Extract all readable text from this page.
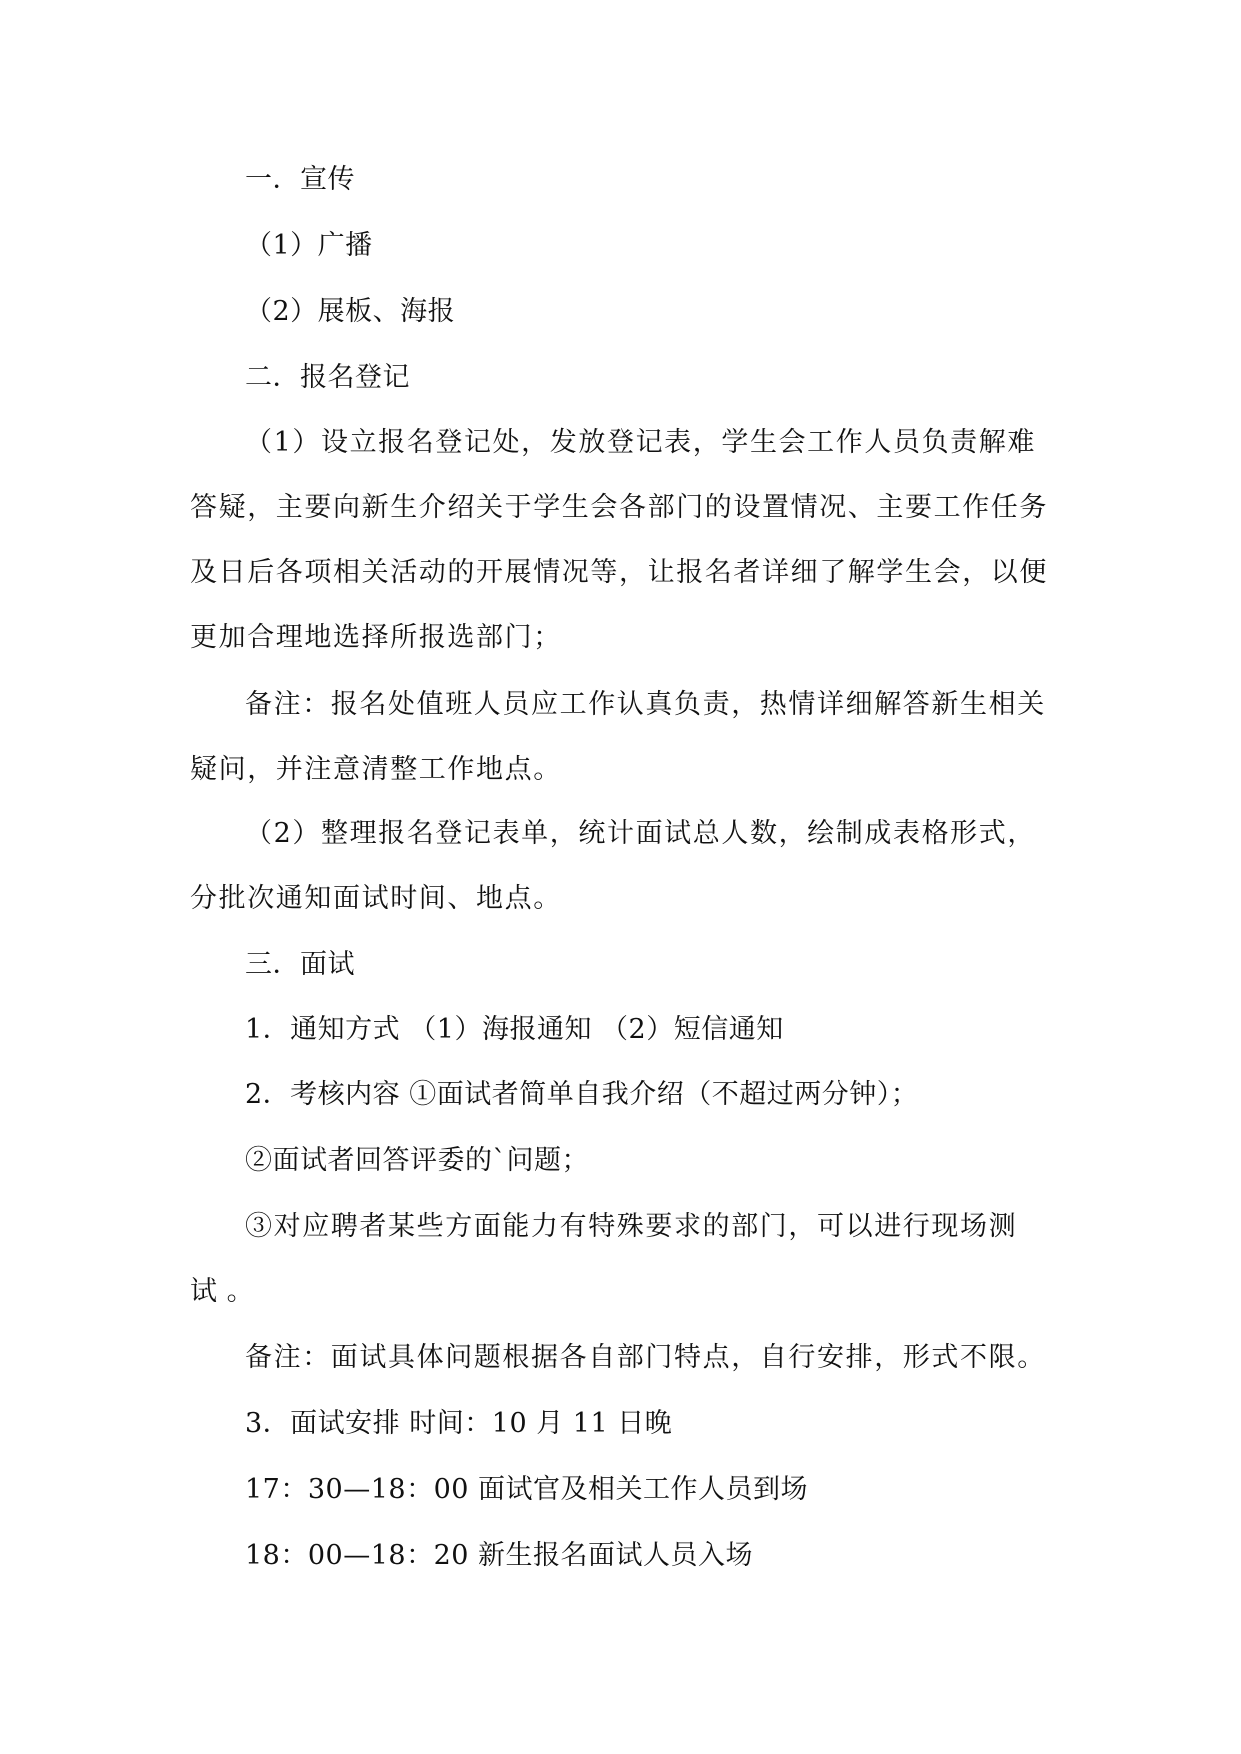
一．宣传
（1）广播
（2）展板、海报
二．报名登记
（1）设立报名登记处，发放登记表，学生会工作人员负责解难
答疑，主要向新生介绍关于学生会各部门的设置情况、主要工作任务
及日后各项相关活动的开展情况等，让报名者详细了解学生会，以便
更加合理地选择所报选部门；
备注：报名处值班人员应工作认真负责，热情详细解答新生相关
疑问，并注意清整工作地点。
（2）整理报名登记表单，统计面试总人数，绘制成表格形式，
分批次通知面试时间、地点。
三．面试
1．通知方式 （1）海报通知 （2）短信通知
2．考核内容 ①面试者简单自我介绍（不超过两分钟）；
②面试者回答评委的`问题；
③对应聘者某些方面能力有特殊要求的部门，可以进行现场测
试 。
备注：面试具体问题根据各自部门特点，自行安排，形式不限。
3．面试安排 时间：10 月 11 日晚
17：30—18：00 面试官及相关工作人员到场
18：00—18：20 新生报名面试人员入场
